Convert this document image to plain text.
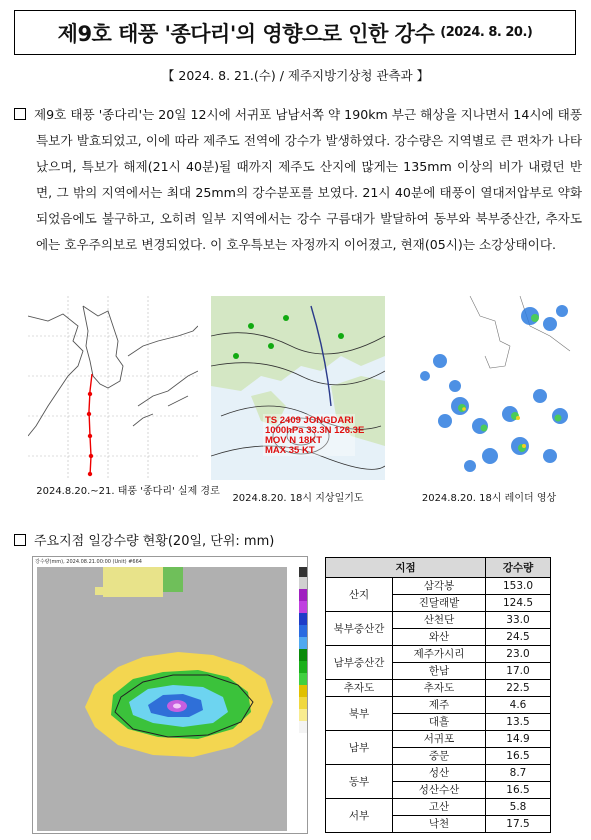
제9호 태풍 '종다리'의 영향으로 인한 강수 (2024. 8. 20.)
【 2024. 8. 21.(수) / 제주지방기상청 관측과 】
제9호 태풍 '종다리'는 20일 12시에 서귀포 남남서쪽 약 190km 부근 해상을 지나면서 14시에 태풍특보가 발효되었고, 이에 따라 제주도 전역에 강수가 발생하였다. 강수량은 지역별로 큰 편차가 나타났으며, 특보가 해제(21시 40분)될 때까지 제주도 산지에 많게는 135mm 이상의 비가 내렸던 반면, 그 밖의 지역에서는 최대 25mm의 강수분포를 보였다. 21시 40분에 태풍이 열대저압부로 약화 되었음에도 불구하고, 오히려 일부 지역에서는 강수 구름대가 발달하여 동부와 북부중산간, 추자도에는 호우주의보로 변경되었다. 이 호우특보는 자정까지 이어졌고, 현재(05시)는 소강상태이다.
2024.8.20.~21. 태풍 '종다리' 실제 경로
TS 2409 JONGDARI
1000hPa 33.3N 126.3E
MOV N 18KT
MAX 35 KT
2024.8.20. 18시 지상일기도	2024.8.20. 18시 레이더 영상
주요지점 일강수량 현황(20일, 단위: mm)
강수량(mm), 2024.08.21.00:00 (Unit) #664	지점		강수량
산지	삼각봉	153.0
	진달래밭	124.5
북부중산간	산천단	33.0
	와산	24.5
남부중산간	제주가시리	23.0
	한남	17.0
추자도	추자도	22.5
북부	제주	4.6
	대흘	13.5
남부	서귀포	14.9
	중문	16.5
동부	성산	8.7
	성산수산	16.5
서부	고산	5.8
	낙천	17.5
